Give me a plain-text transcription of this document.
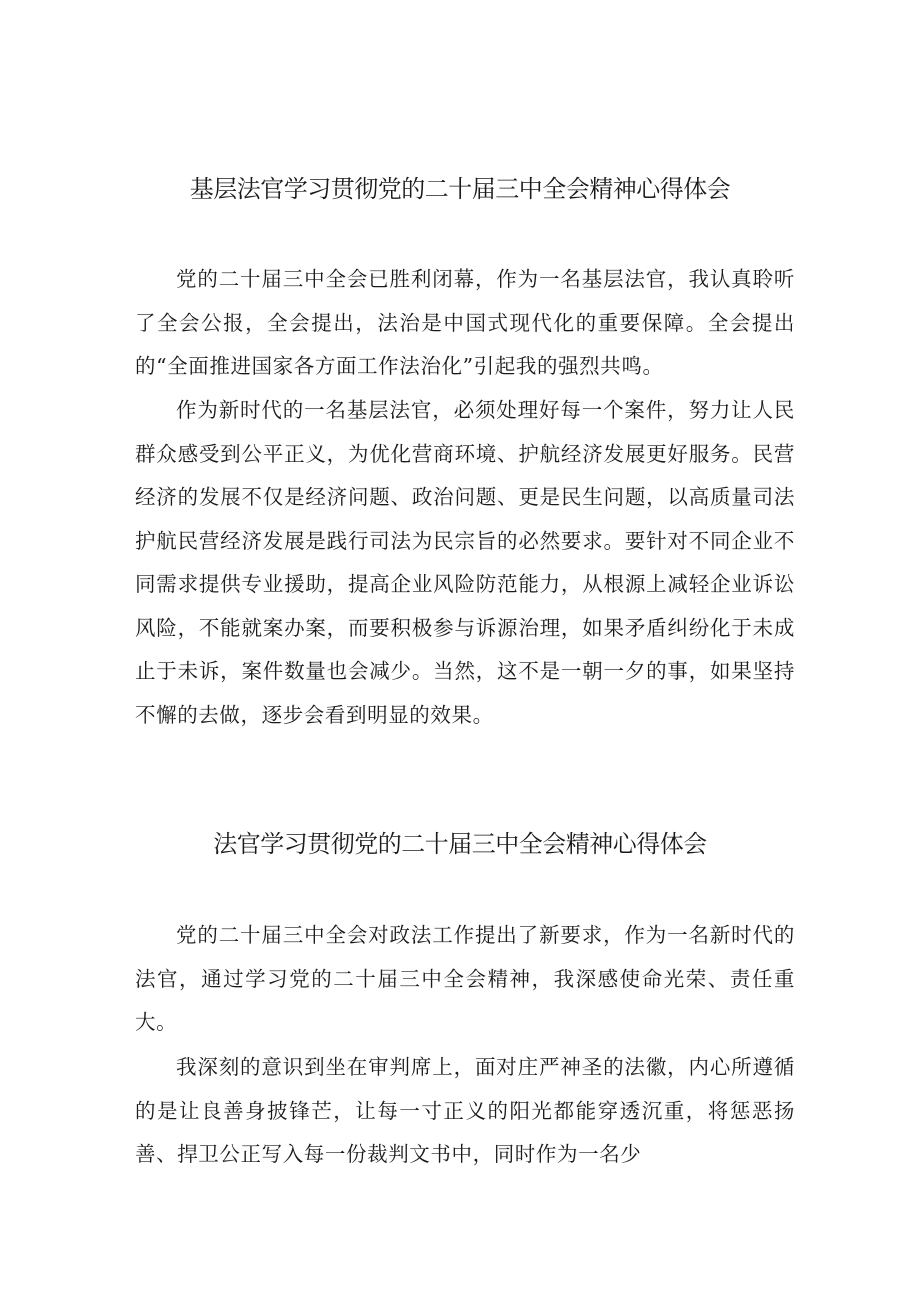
基层法官学习贯彻党的二十届三中全会精神心得体会

党的二十届三中全会已胜利闭幕，作为一名基层法官，我认真聆听了全会公报，全会提出，法治是中国式现代化的重要保障。全会提出的“全面推进国家各方面工作法治化”引起我的强烈共鸣。

作为新时代的一名基层法官，必须处理好每一个案件，努力让人民群众感受到公平正义，为优化营商环境、护航经济发展更好服务。民营经济的发展不仅是经济问题、政治问题、更是民生问题，以高质量司法护航民营经济发展是践行司法为民宗旨的必然要求。要针对不同企业不同需求提供专业援助，提高企业风险防范能力，从根源上减轻企业诉讼风险，不能就案办案，而要积极参与诉源治理，如果矛盾纠纷化于未成止于未诉，案件数量也会减少。当然，这不是一朝一夕的事，如果坚持不懈的去做，逐步会看到明显的效果。

法官学习贯彻党的二十届三中全会精神心得体会

党的二十届三中全会对政法工作提出了新要求，作为一名新时代的法官，通过学习党的二十届三中全会精神，我深感使命光荣、责任重大。

我深刻的意识到坐在审判席上，面对庄严神圣的法徽，内心所遵循的是让良善身披锋芒，让每一寸正义的阳光都能穿透沉重，将惩恶扬善、捍卫公正写入每一份裁判文书中，同时作为一名少
